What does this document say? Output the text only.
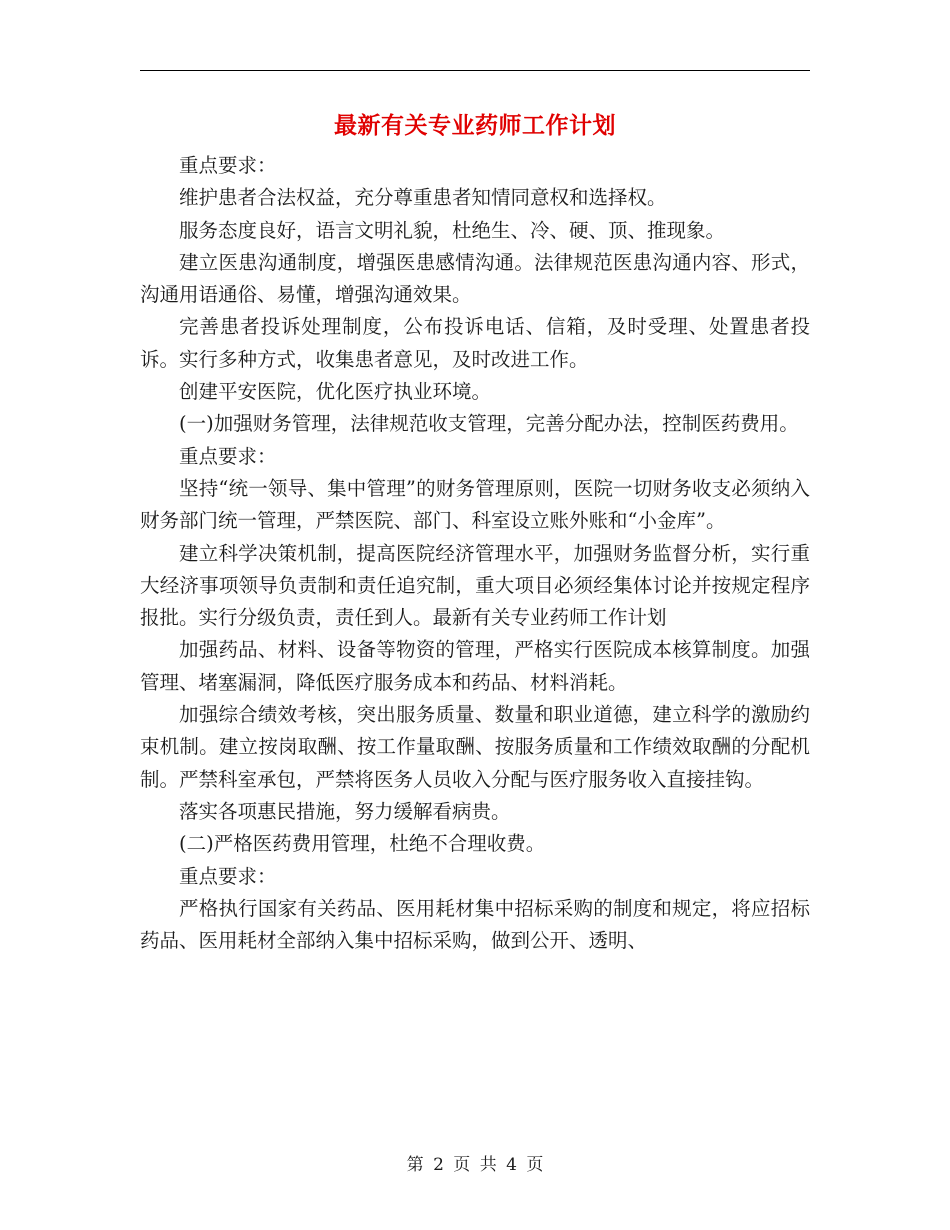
最新有关专业药师工作计划

重点要求：

维护患者合法权益，充分尊重患者知情同意权和选择权。

服务态度良好，语言文明礼貌，杜绝生、冷、硬、顶、推现象。

建立医患沟通制度，增强医患感情沟通。法律规范医患沟通内容、形式，沟通用语通俗、易懂，增强沟通效果。

完善患者投诉处理制度，公布投诉电话、信箱，及时受理、处置患者投诉。实行多种方式，收集患者意见，及时改进工作。

创建平安医院，优化医疗执业环境。

(一)加强财务管理，法律规范收支管理，完善分配办法，控制医药费用。

重点要求：

坚持“统一领导、集中管理”的财务管理原则，医院一切财务收支必须纳入财务部门统一管理，严禁医院、部门、科室设立账外账和“小金库”。

建立科学决策机制，提高医院经济管理水平，加强财务监督分析，实行重大经济事项领导负责制和责任追究制，重大项目必须经集体讨论并按规定程序报批。实行分级负责，责任到人。最新有关专业药师工作计划

加强药品、材料、设备等物资的管理，严格实行医院成本核算制度。加强管理、堵塞漏洞，降低医疗服务成本和药品、材料消耗。

加强综合绩效考核，突出服务质量、数量和职业道德，建立科学的激励约束机制。建立按岗取酬、按工作量取酬、按服务质量和工作绩效取酬的分配机制。严禁科室承包，严禁将医务人员收入分配与医疗服务收入直接挂钩。

落实各项惠民措施，努力缓解看病贵。

(二)严格医药费用管理，杜绝不合理收费。

重点要求：

严格执行国家有关药品、医用耗材集中招标采购的制度和规定，将应招标药品、医用耗材全部纳入集中招标采购，做到公开、透明、

第 2 页 共 4 页
